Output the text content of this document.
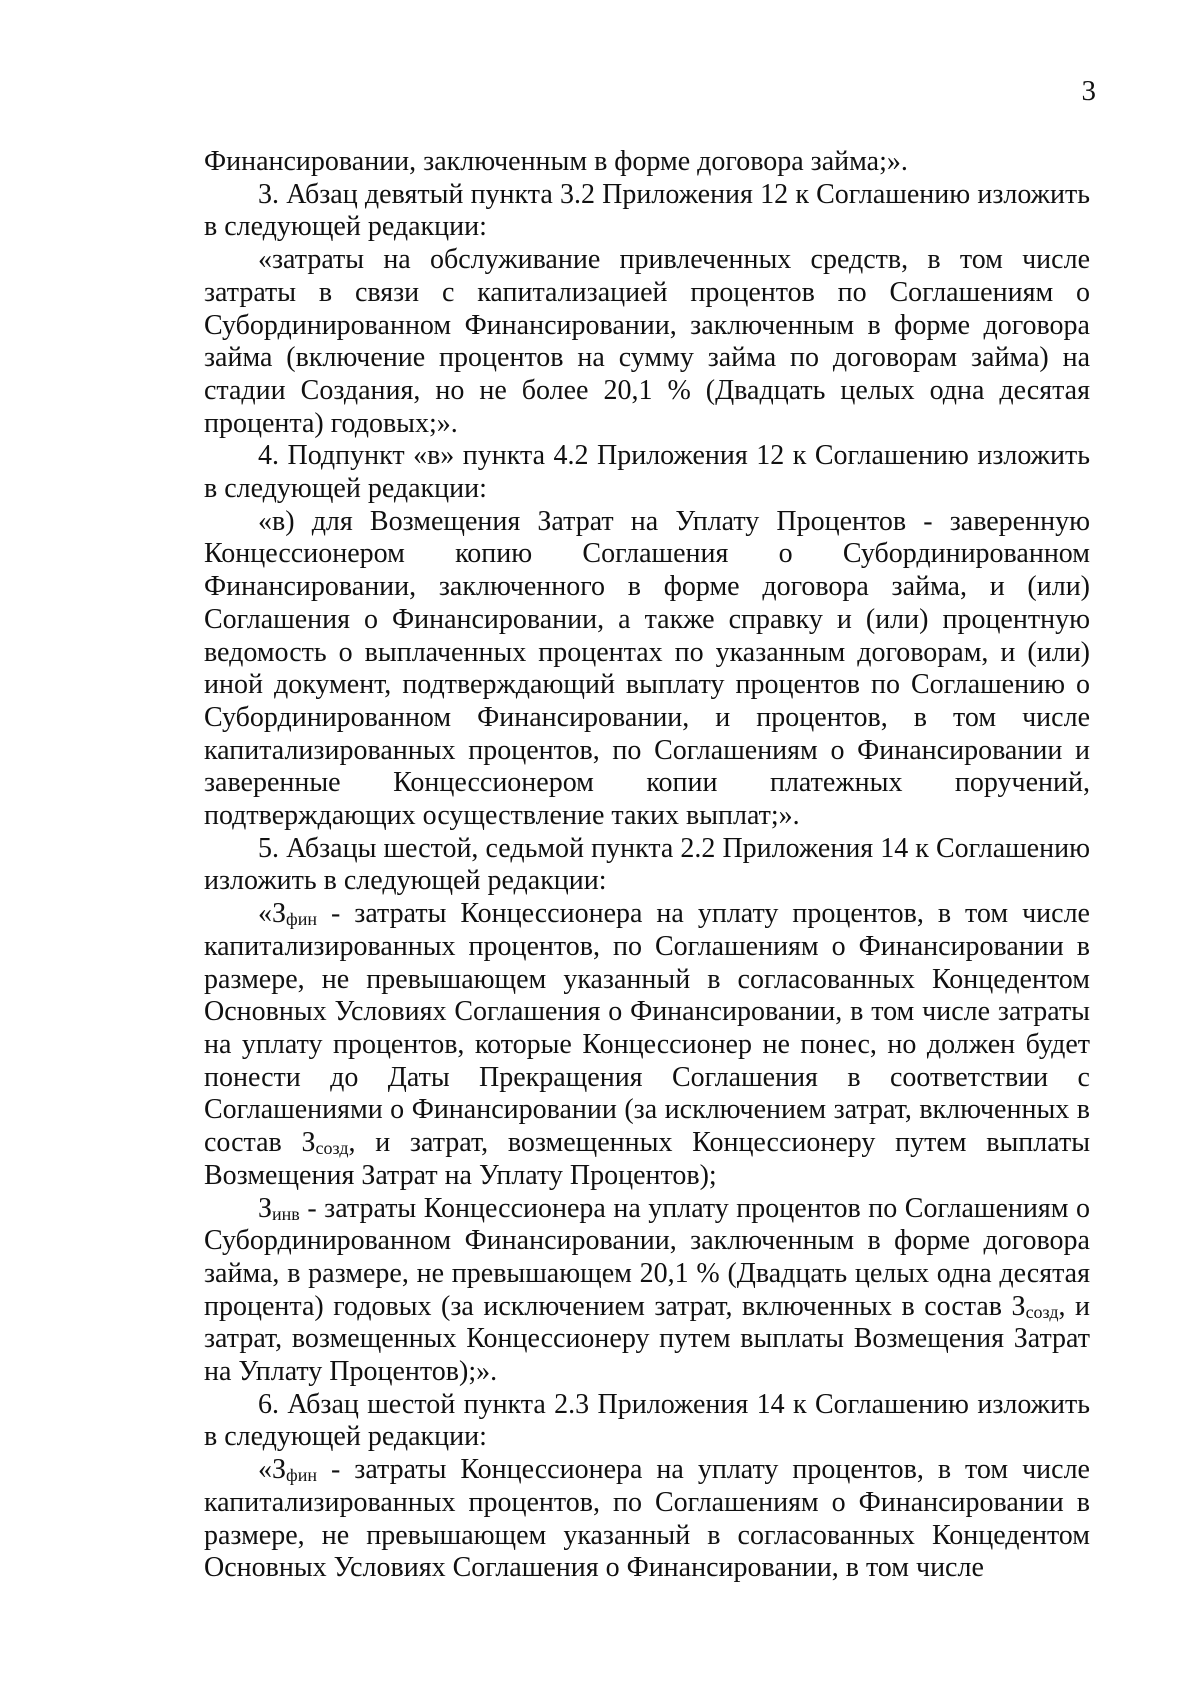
3

Финансировании, заключенным в форме договора займа;».

3. Абзац девятый пункта 3.2 Приложения 12 к Соглашению изложить в следующей редакции:

«затраты на обслуживание привлеченных средств, в том числе затраты в связи с капитализацией процентов по Соглашениям о Субординированном Финансировании, заключенным в форме договора займа (включение процентов на сумму займа по договорам займа) на стадии Создания, но не более 20,1 % (Двадцать целых одна десятая процента) годовых;».

4. Подпункт «в» пункта 4.2 Приложения 12 к Соглашению изложить в следующей редакции:

«в) для Возмещения Затрат на Уплату Процентов - заверенную Концессионером копию Соглашения о Субординированном Финансировании, заключенного в форме договора займа, и (или) Соглашения о Финансировании, а также справку и (или) процентную ведомость о выплаченных процентах по указанным договорам, и (или) иной документ, подтверждающий выплату процентов по Соглашению о Субординированном Финансировании, и процентов, в том числе капитализированных процентов, по Соглашениям о Финансировании и заверенные Концессионером копии платежных поручений, подтверждающих осуществление таких выплат;».

5. Абзацы шестой, седьмой пункта 2.2 Приложения 14 к Соглашению изложить в следующей редакции:

«$З_{фин}$ - затраты Концессионера на уплату процентов, в том числе капитализированных процентов, по Соглашениям о Финансировании в размере, не превышающем указанный в согласованных Концедентом Основных Условиях Соглашения о Финансировании, в том числе затраты на уплату процентов, которые Концессионер не понес, но должен будет понести до Даты Прекращения Соглашения в соответствии с Соглашениями о Финансировании (за исключением затрат, включенных в состав $З_{созд}$, и затрат, возмещенных Концессионеру путем выплаты Возмещения Затрат на Уплату Процентов);

$З_{инв}$ - затраты Концессионера на уплату процентов по Соглашениям о Субординированном Финансировании, заключенным в форме договора займа, в размере, не превышающем 20,1 % (Двадцать целых одна десятая процента) годовых (за исключением затрат, включенных в состав $З_{созд}$, и затрат, возмещенных Концессионеру путем выплаты Возмещения Затрат на Уплату Процентов);».

6. Абзац шестой пункта 2.3 Приложения 14 к Соглашению изложить в следующей редакции:

«$З_{фин}$ - затраты Концессионера на уплату процентов, в том числе капитализированных процентов, по Соглашениям о Финансировании в размере, не превышающем указанный в согласованных Концедентом Основных Условиях Соглашения о Финансировании, в том числе
